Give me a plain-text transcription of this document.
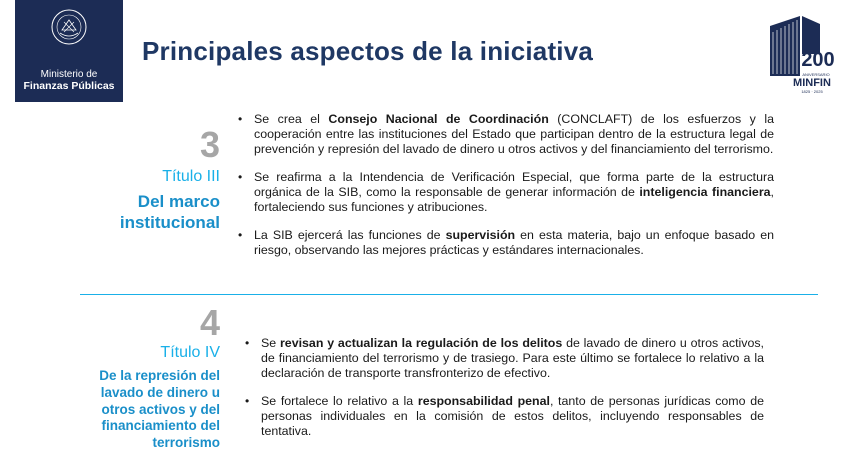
Ministerio de
Finanzas Públicas
Principales aspectos de la iniciativa	200
ANIVERSARIO
MINFIN
1825 · 2025
3
Título III
Del marco
institucional
• Se crea el Consejo Nacional de Coordinación (CONCLAFT) de los esfuerzos y la cooperación entre las instituciones del Estado que participan dentro de la estructura legal de prevención y represión del lavado de dinero u otros activos y del financiamiento del terrorismo.
• Se reafirma a la Intendencia de Verificación Especial, que forma parte de la estructura orgánica de la SIB, como la responsable de generar información de inteligencia financiera, fortaleciendo sus funciones y atribuciones.
• La SIB ejercerá las funciones de supervisión en esta materia, bajo un enfoque basado en riesgo, observando las mejores prácticas y estándares internacionales.
4
Título IV
De la represión del
lavado de dinero u
otros activos y del
financiamiento del
terrorismo
• Se revisan y actualizan la regulación de los delitos de lavado de dinero u otros activos, de financiamiento del terrorismo y de trasiego. Para este último se fortalece lo relativo a la declaración de transporte transfronterizo de efectivo.
• Se fortalece lo relativo a la responsabilidad penal, tanto de personas jurídicas como de personas individuales en la comisión de estos delitos, incluyendo responsables de tentativa.
